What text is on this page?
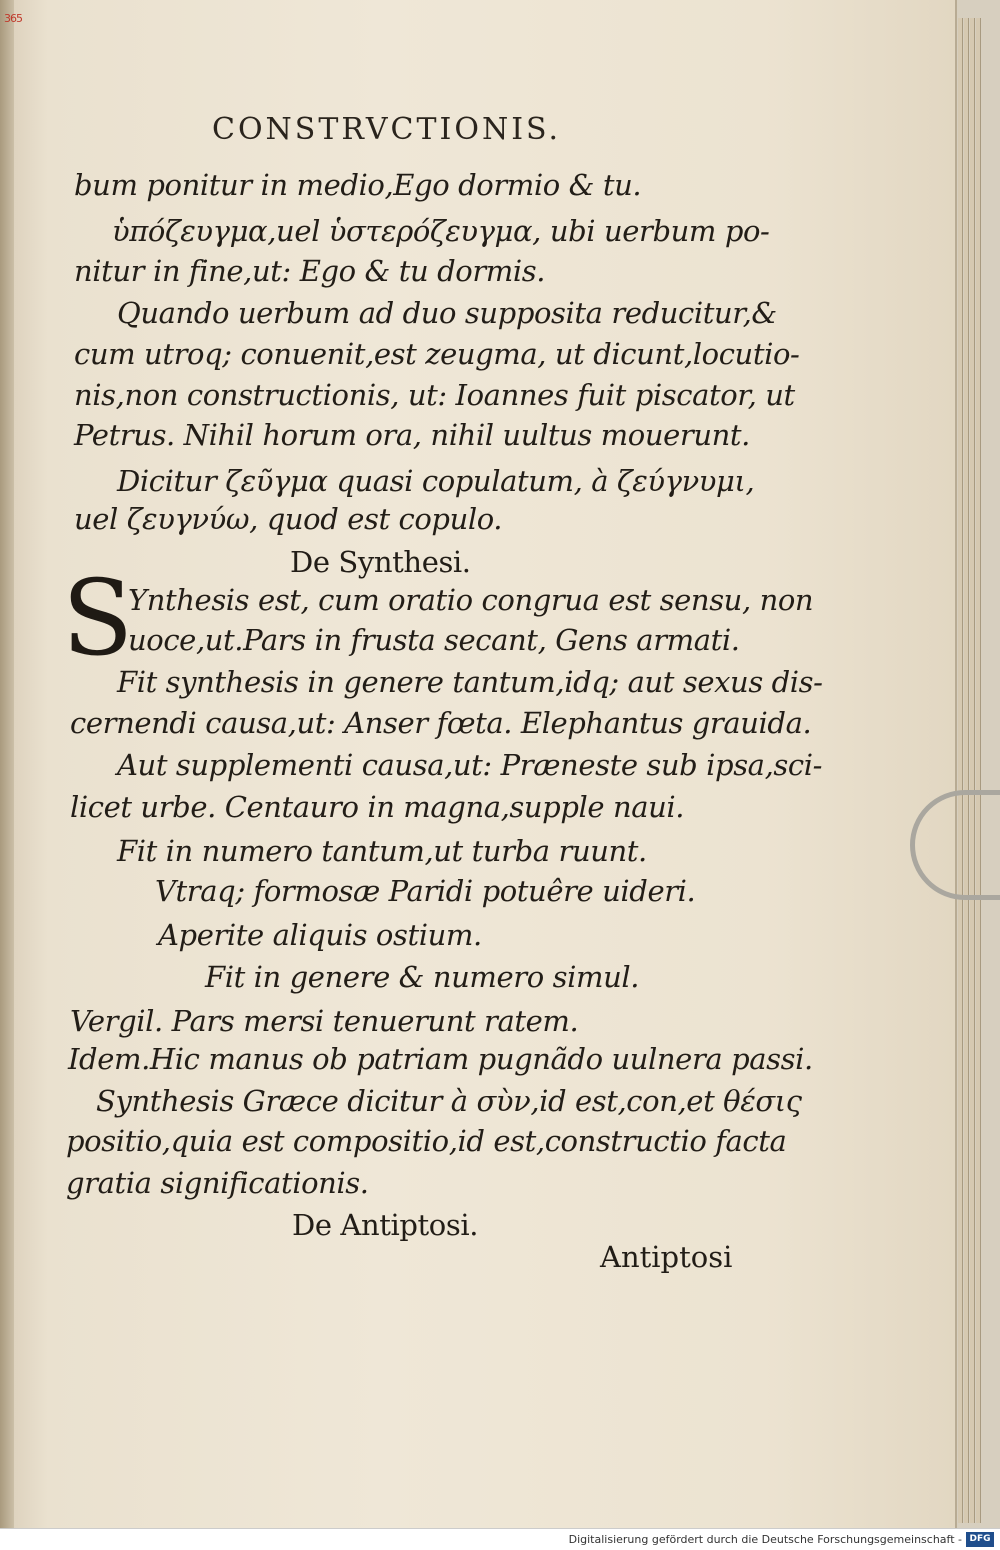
365
CONSTRVCTIONIS.
bum ponitur in medio,Ego dormio & tu.
ὑπόζευγμα,uel ὑστερόζευγμα, ubi uerbum po-
nitur in fine,ut: Ego & tu dormis.
Quando uerbum ad duo supposita reducitur,&
cum utroq; conuenit,est zeugma, ut dicunt,locutio-
nis,non constructionis, ut: Ioannes fuit piscator, ut
Petrus. Nihil horum ora, nihil uultus mouerunt.
Dicitur ζεῦγμα quasi copulatum, à ζεύγνυμι,
uel ζευγνύω, quod est copulo.
De Synthesi.
S
Ynthesis est, cum oratio congrua est sensu, non
uoce,ut.Pars in frusta secant, Gens armati.
Fit synthesis in genere tantum,idq; aut sexus dis-
cernendi causa,ut: Anser fœta. Elephantus grauida.
Aut supplementi causa,ut: Præneste sub ipsa,sci-
licet urbe. Centauro in magna,supple naui.
Fit in numero tantum,ut turba ruunt.
Vtraq; formosæ Paridi potuêre uideri.
Aperite aliquis ostium.
Fit in genere & numero simul.
Vergil. Pars mersi tenuerunt ratem.
Idem.Hic manus ob patriam pugnãdo uulnera passi.
Synthesis Græce dicitur à σὺν,id est,con,et θέσις
positio,quia est compositio,id est,constructio facta
gratia significationis.
De Antiptosi.
Antiptosi
Digitalisierung gefördert durch die Deutsche Forschungsgemeinschaft - DFG
